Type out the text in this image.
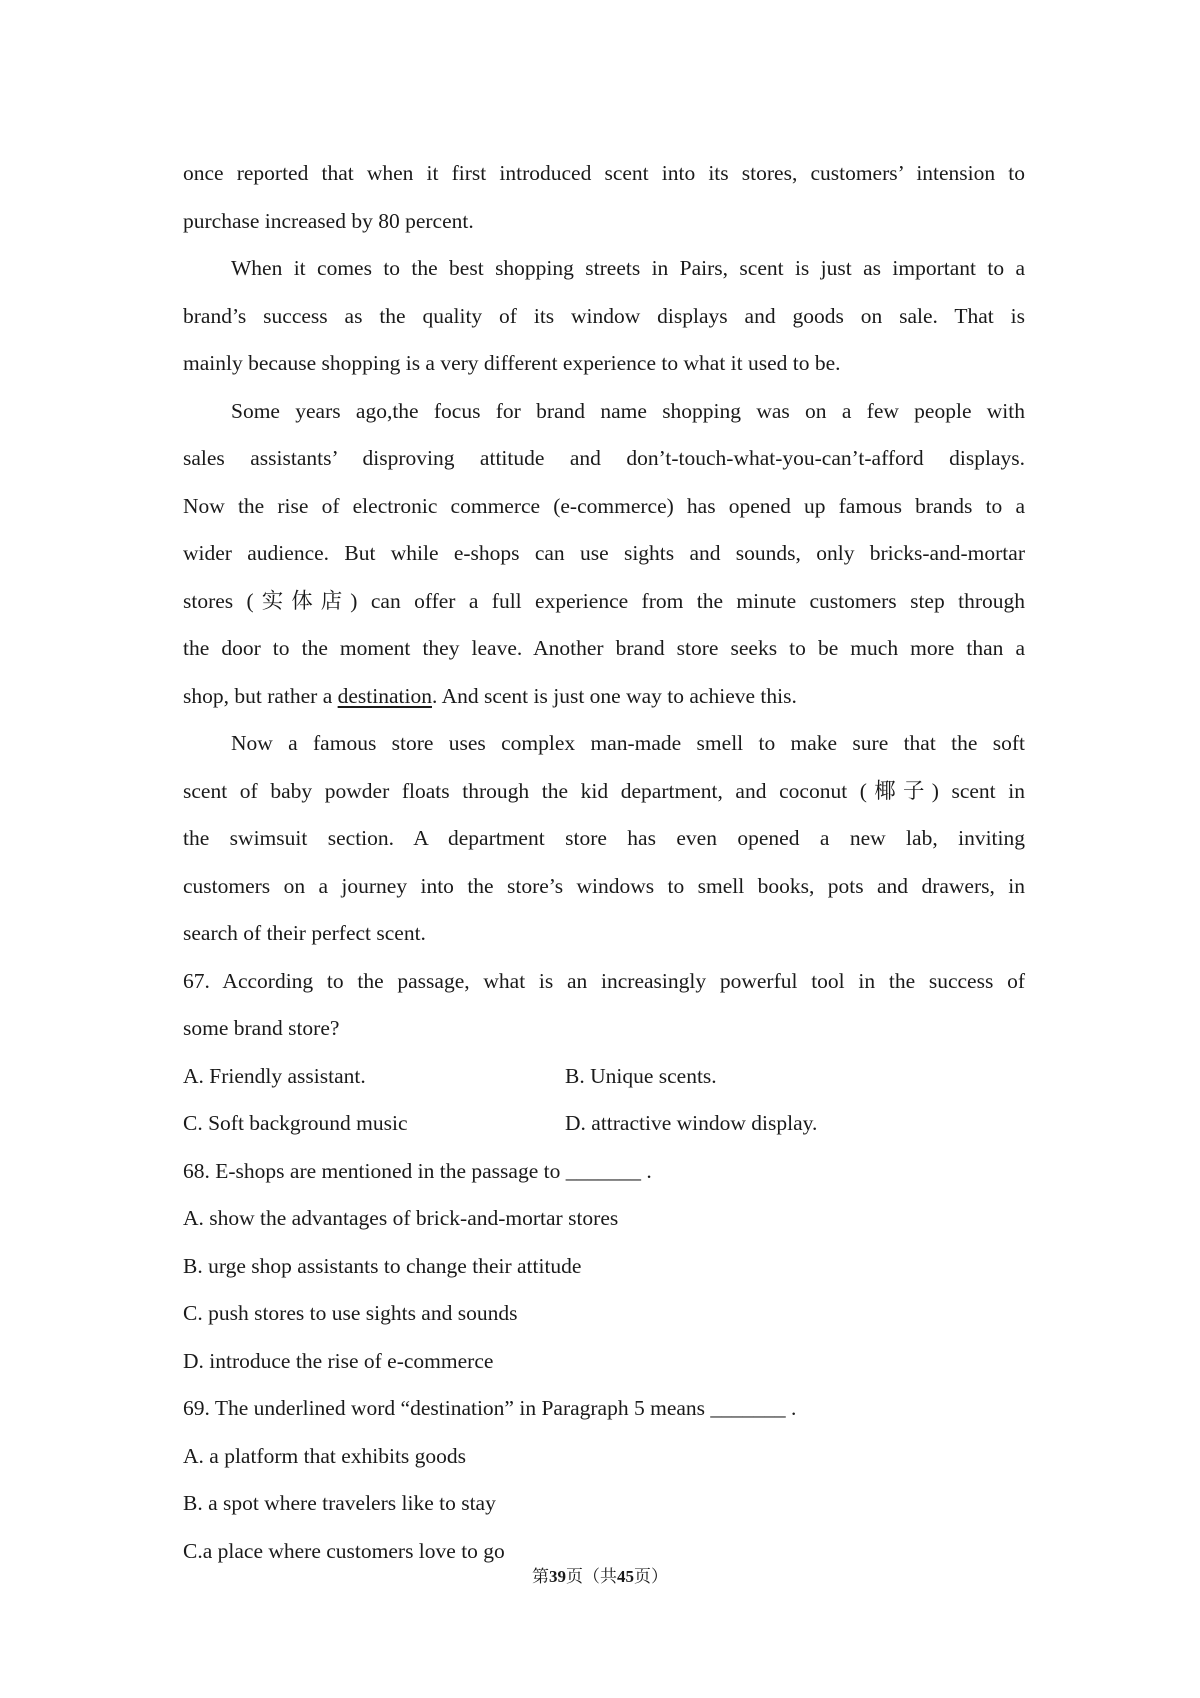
once reported that when it first introduced scent into its stores, customers’ intension to
purchase increased by 80 percent.
When it comes to the best shopping streets in Pairs, scent is just as important to a
brand’s success as the quality of its window displays and goods on sale. That is
mainly because shopping is a very different experience to what it used to be.
Some years ago,the focus for brand name shopping was on a few people with
sales assistants’ disproving attitude and don’t-touch-what-you-can’t-afford displays.
Now the rise of electronic commerce (e-commerce) has opened up famous brands to a
wider audience. But while e-shops can use sights and sounds, only bricks-and-mortar
stores (实体店) can offer a full experience from the minute customers step through
the door to the moment they leave. Another brand store seeks to be much more than a
shop, but rather a destination. And scent is just one way to achieve this.
Now a famous store uses complex man-made smell to make sure that the soft
scent of baby powder floats through the kid department, and coconut (椰子) scent in
the swimsuit section. A department store has even opened a new lab, inviting
customers on a journey into the store’s windows to smell books, pots and drawers, in
search of their perfect scent.
67. According to the passage, what is an increasingly powerful tool in the success of
some brand store?
A. Friendly assistant.	B. Unique scents.
C. Soft background music	D. attractive window display.
68. E-shops are mentioned in the passage to _______ .
A. show the advantages of brick-and-mortar stores
B. urge shop assistants to change their attitude
C. push stores to use sights and sounds
D. introduce the rise of e-commerce
69. The underlined word “destination” in Paragraph 5 means _______ .
A. a platform that exhibits goods
B. a spot where travelers like to stay
C.a place where customers love to go
第39页（共45页）
